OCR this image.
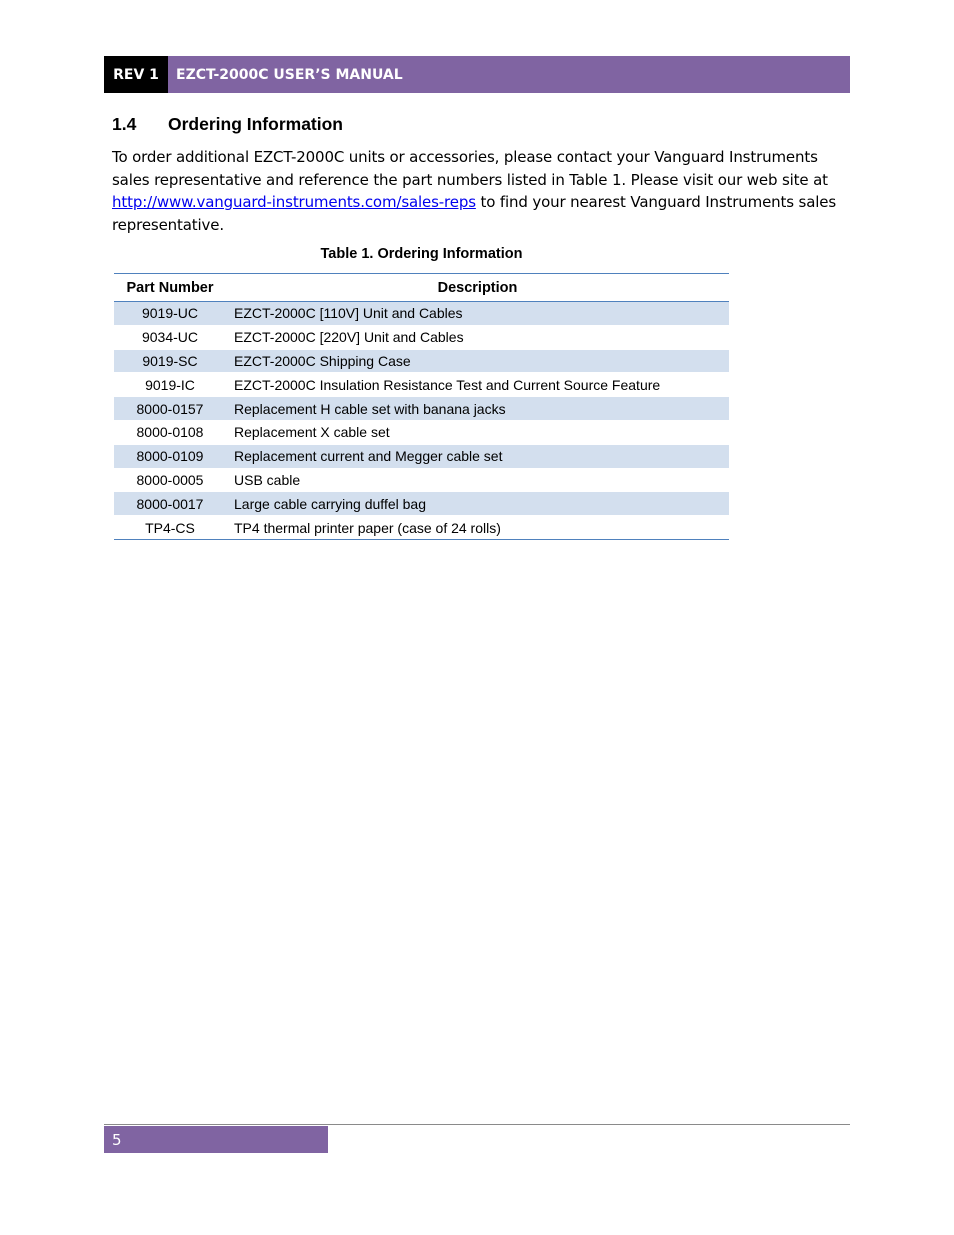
REV 1	EZCT-2000C USER’S MANUAL
1.4	Ordering Information
To order additional EZCT-2000C units or accessories, please contact your Vanguard Instruments sales representative and reference the part numbers listed in Table 1. Please visit our web site at http://www.vanguard-instruments.com/sales-reps to find your nearest Vanguard Instruments sales representative.
Table 1. Ordering Information
Part Number	Description
9019-UC	EZCT-2000C [110V] Unit and Cables
9034-UC	EZCT-2000C [220V] Unit and Cables
9019-SC	EZCT-2000C Shipping Case
9019-IC	EZCT-2000C Insulation Resistance Test and Current Source Feature
8000-0157	Replacement H cable set with banana jacks
8000-0108	Replacement X cable set
8000-0109	Replacement current and Megger cable set
8000-0005	USB cable
8000-0017	Large cable carrying duffel bag
TP4-CS	TP4 thermal printer paper (case of 24 rolls)
5
